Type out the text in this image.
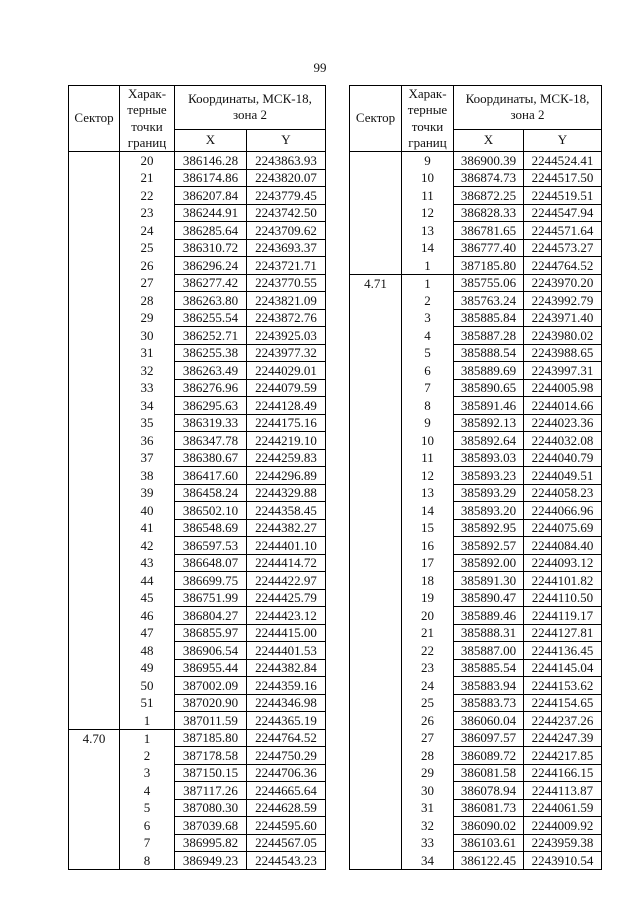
99
Сектор	Харак-терные точки границ	Координаты, МСК-18, зона 2	
		X	Y
	20	386146.28	2243863.93
	21	386174.86	2243820.07
	22	386207.84	2243779.45
	23	386244.91	2243742.50
	24	386285.64	2243709.62
	25	386310.72	2243693.37
	26	386296.24	2243721.71
	27	386277.42	2243770.55
	28	386263.80	2243821.09
	29	386255.54	2243872.76
	30	386252.71	2243925.03
	31	386255.38	2243977.32
	32	386263.49	2244029.01
	33	386276.96	2244079.59
	34	386295.63	2244128.49
	35	386319.33	2244175.16
	36	386347.78	2244219.10
	37	386380.67	2244259.83
	38	386417.60	2244296.89
	39	386458.24	2244329.88
	40	386502.10	2244358.45
	41	386548.69	2244382.27
	42	386597.53	2244401.10
	43	386648.07	2244414.72
	44	386699.75	2244422.97
	45	386751.99	2244425.79
	46	386804.27	2244423.12
	47	386855.97	2244415.00
	48	386906.54	2244401.53
	49	386955.44	2244382.84
	50	387002.09	2244359.16
	51	387020.90	2244346.98
	1	387011.59	2244365.19
4.70	1	387185.80	2244764.52
	2	387178.58	2244750.29
	3	387150.15	2244706.36
	4	387117.26	2244665.64
	5	387080.30	2244628.59
	6	387039.68	2244595.60
	7	386995.82	2244567.05
	8	386949.23	2244543.23
Сектор	Харак-терные точки границ	Координаты, МСК-18, зона 2	
		X	Y
	9	386900.39	2244524.41
	10	386874.73	2244517.50
	11	386872.25	2244519.51
	12	386828.33	2244547.94
	13	386781.65	2244571.64
	14	386777.40	2244573.27
	1	387185.80	2244764.52
4.71	1	385755.06	2243970.20
	2	385763.24	2243992.79
	3	385885.84	2243971.40
	4	385887.28	2243980.02
	5	385888.54	2243988.65
	6	385889.69	2243997.31
	7	385890.65	2244005.98
	8	385891.46	2244014.66
	9	385892.13	2244023.36
	10	385892.64	2244032.08
	11	385893.03	2244040.79
	12	385893.23	2244049.51
	13	385893.29	2244058.23
	14	385893.20	2244066.96
	15	385892.95	2244075.69
	16	385892.57	2244084.40
	17	385892.00	2244093.12
	18	385891.30	2244101.82
	19	385890.47	2244110.50
	20	385889.46	2244119.17
	21	385888.31	2244127.81
	22	385887.00	2244136.45
	23	385885.54	2244145.04
	24	385883.94	2244153.62
	25	385883.73	2244154.65
	26	386060.04	2244237.26
	27	386097.57	2244247.39
	28	386089.72	2244217.85
	29	386081.58	2244166.15
	30	386078.94	2244113.87
	31	386081.73	2244061.59
	32	386090.02	2244009.92
	33	386103.61	2243959.38
	34	386122.45	2243910.54
